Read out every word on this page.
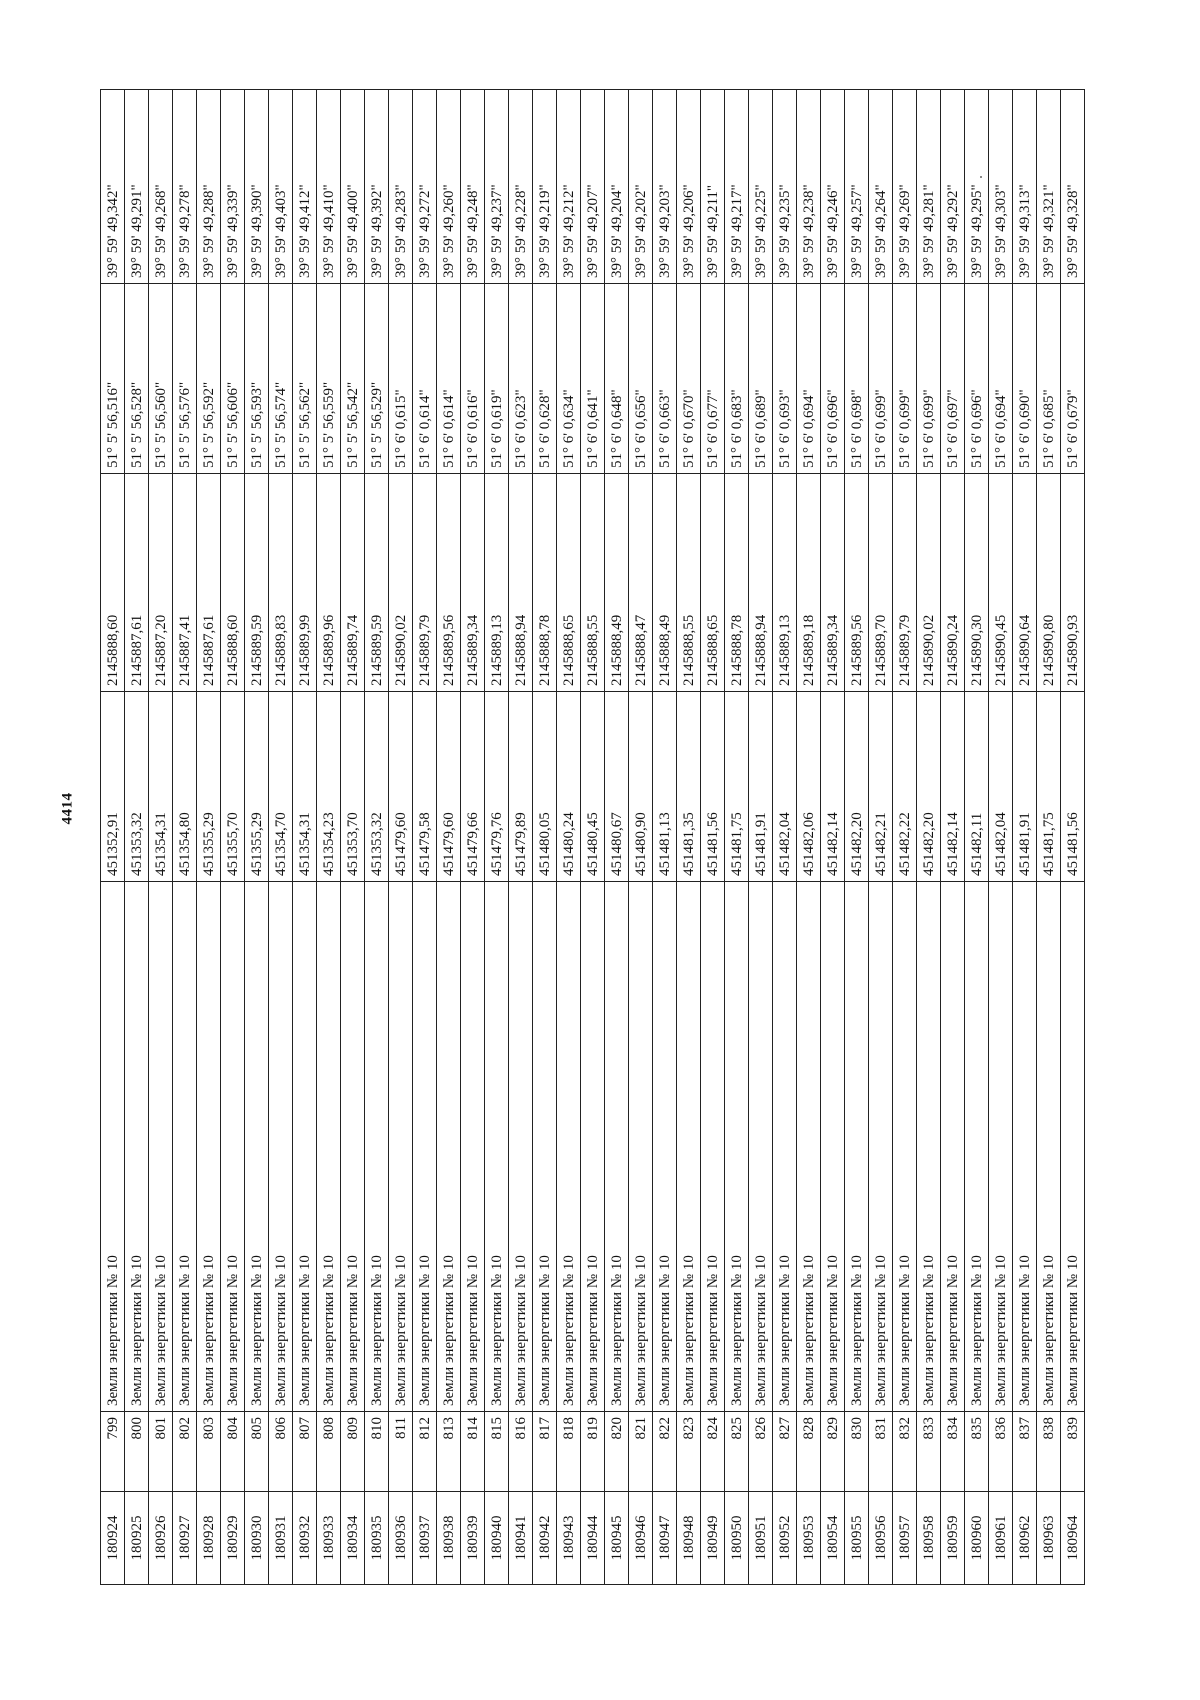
4414
180924	799	Земли энергетики № 10	451352,91	2145888,60	51° 5' 56,516"	39° 59' 49,342"
180925	800	Земли энергетики № 10	451353,32	2145887,61	51° 5' 56,528"	39° 59' 49,291"
180926	801	Земли энергетики № 10	451354,31	2145887,20	51° 5' 56,560"	39° 59' 49,268"
180927	802	Земли энергетики № 10	451354,80	2145887,41	51° 5' 56,576"	39° 59' 49,278"
180928	803	Земли энергетики № 10	451355,29	2145887,61	51° 5' 56,592"	39° 59' 49,288"
180929	804	Земли энергетики № 10	451355,70	2145888,60	51° 5' 56,606"	39° 59' 49,339"
180930	805	Земли энергетики № 10	451355,29	2145889,59	51° 5' 56,593"	39° 59' 49,390"
180931	806	Земли энергетики № 10	451354,70	2145889,83	51° 5' 56,574"	39° 59' 49,403"
180932	807	Земли энергетики № 10	451354,31	2145889,99	51° 5' 56,562"	39° 59' 49,412"
180933	808	Земли энергетики № 10	451354,23	2145889,96	51° 5' 56,559"	39° 59' 49,410"
180934	809	Земли энергетики № 10	451353,70	2145889,74	51° 5' 56,542"	39° 59' 49,400"
180935	810	Земли энергетики № 10	451353,32	2145889,59	51° 5' 56,529"	39° 59' 49,392"
180936	811	Земли энергетики № 10	451479,60	2145890,02	51° 6' 0,615"	39° 59' 49,283"
180937	812	Земли энергетики № 10	451479,58	2145889,79	51° 6' 0,614"	39° 59' 49,272"
180938	813	Земли энергетики № 10	451479,60	2145889,56	51° 6' 0,614"	39° 59' 49,260"
180939	814	Земли энергетики № 10	451479,66	2145889,34	51° 6' 0,616"	39° 59' 49,248"
180940	815	Земли энергетики № 10	451479,76	2145889,13	51° 6' 0,619"	39° 59' 49,237"
180941	816	Земли энергетики № 10	451479,89	2145888,94	51° 6' 0,623"	39° 59' 49,228"
180942	817	Земли энергетики № 10	451480,05	2145888,78	51° 6' 0,628"	39° 59' 49,219"
180943	818	Земли энергетики № 10	451480,24	2145888,65	51° 6' 0,634"	39° 59' 49,212"
180944	819	Земли энергетики № 10	451480,45	2145888,55	51° 6' 0,641"	39° 59' 49,207"
180945	820	Земли энергетики № 10	451480,67	2145888,49	51° 6' 0,648"	39° 59' 49,204"
180946	821	Земли энергетики № 10	451480,90	2145888,47	51° 6' 0,656"	39° 59' 49,202"
180947	822	Земли энергетики № 10	451481,13	2145888,49	51° 6' 0,663"	39° 59' 49,203"
180948	823	Земли энергетики № 10	451481,35	2145888,55	51° 6' 0,670"	39° 59' 49,206"
180949	824	Земли энергетики № 10	451481,56	2145888,65	51° 6' 0,677"	39° 59' 49,211"
180950	825	Земли энергетики № 10	451481,75	2145888,78	51° 6' 0,683"	39° 59' 49,217"
180951	826	Земли энергетики № 10	451481,91	2145888,94	51° 6' 0,689"	39° 59' 49,225"
180952	827	Земли энергетики № 10	451482,04	2145889,13	51° 6' 0,693"	39° 59' 49,235"
180953	828	Земли энергетики № 10	451482,06	2145889,18	51° 6' 0,694"	39° 59' 49,238"
180954	829	Земли энергетики № 10	451482,14	2145889,34	51° 6' 0,696"	39° 59' 49,246"
180955	830	Земли энергетики № 10	451482,20	2145889,56	51° 6' 0,698"	39° 59' 49,257"
180956	831	Земли энергетики № 10	451482,21	2145889,70	51° 6' 0,699"	39° 59' 49,264"
180957	832	Земли энергетики № 10	451482,22	2145889,79	51° 6' 0,699"	39° 59' 49,269"
180958	833	Земли энергетики № 10	451482,20	2145890,02	51° 6' 0,699"	39° 59' 49,281"
180959	834	Земли энергетики № 10	451482,14	2145890,24	51° 6' 0,697"	39° 59' 49,292"
180960	835	Земли энергетики № 10	451482,11	2145890,30	51° 6' 0,696"	39° 59' 49,295"
180961	836	Земли энергетики № 10	451482,04	2145890,45	51° 6' 0,694"	39° 59' 49,303"
180962	837	Земли энергетики № 10	451481,91	2145890,64	51° 6' 0,690"	39° 59' 49,313"
180963	838	Земли энергетики № 10	451481,75	2145890,80	51° 6' 0,685"	39° 59' 49,321"
180964	839	Земли энергетики № 10	451481,56	2145890,93	51° 6' 0,679"	39° 59' 49,328"
